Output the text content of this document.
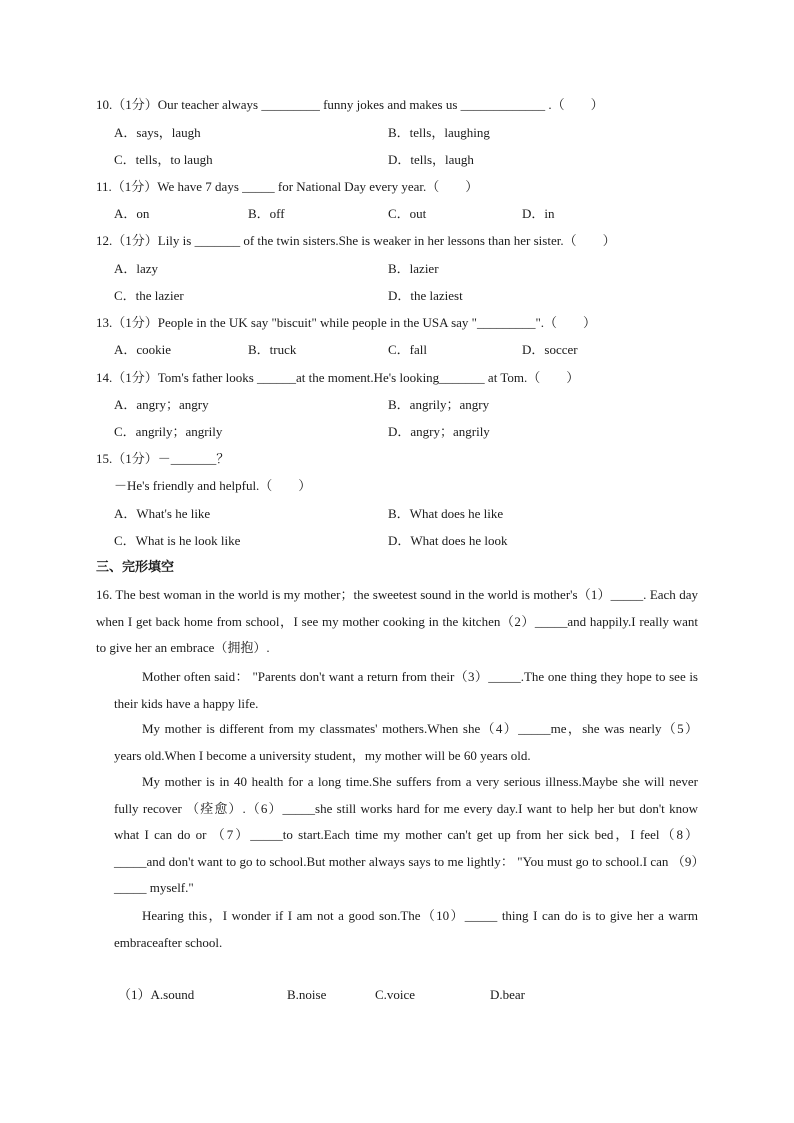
10.（1分）Our teacher always _________ funny jokes and makes us _____________ .（　　）
A．says，laugh	B．tells，laughing
C．tells，to laugh	D．tells，laugh
11.（1分）We have 7 days _____ for National Day every year.（　　）
A．on	B．off	C．out	D．in
12.（1分）Lily is _______ of the twin sisters.She is weaker in her lessons than her sister.（　　）
A．lazy	B．lazier
C．the lazier	D．the laziest
13.（1分）People in the UK say "biscuit" while people in the USA say "_________".（　　）
A．cookie	B．truck	C．fall	D．soccer
14.（1分）Tom's father looks ______at the moment.He's looking_______ at Tom.（　　）
A．angry；angry	B．angrily；angry
C．angrily；angrily	D．angry；angrily
15.（1分）－_______？
－He's friendly and helpful.（　　）
A．What's he like	B．What does he like
C．What is he look like	D．What does he look
三、完形填空
16. The best woman in the world is my mother；the sweetest sound in the world is mother's（1）_____. Each day when I get back home from school，I see my mother cooking in the kitchen（2）_____and happily.I really want to give her an embrace（拥抱）.
Mother often said： "Parents don't want a return from their（3）_____.The one thing they hope to see is their kids have a happy life.
My mother is different from my classmates' mothers.When she（4）_____me，she was nearly（5）years old.When I become a university student，my mother will be 60 years old.
My mother is in 40 health for a long time.She suffers from a very serious illness.Maybe she will never fully recover （痊愈）.（6）_____she still works hard for me every day.I want to help her but don't know what I can do or （7）_____to start.Each time my mother can't get up from her sick bed，I feel（8）_____and don't want to go to school.But mother always says to me lightly： "You must go to school.I can （9）_____ myself."
Hearing this，I wonder if I am not a good son.The（10）_____ thing I can do is to give her a warm embraceafter school.
（1）A.sound	B.noise	C.voice	D.bear
